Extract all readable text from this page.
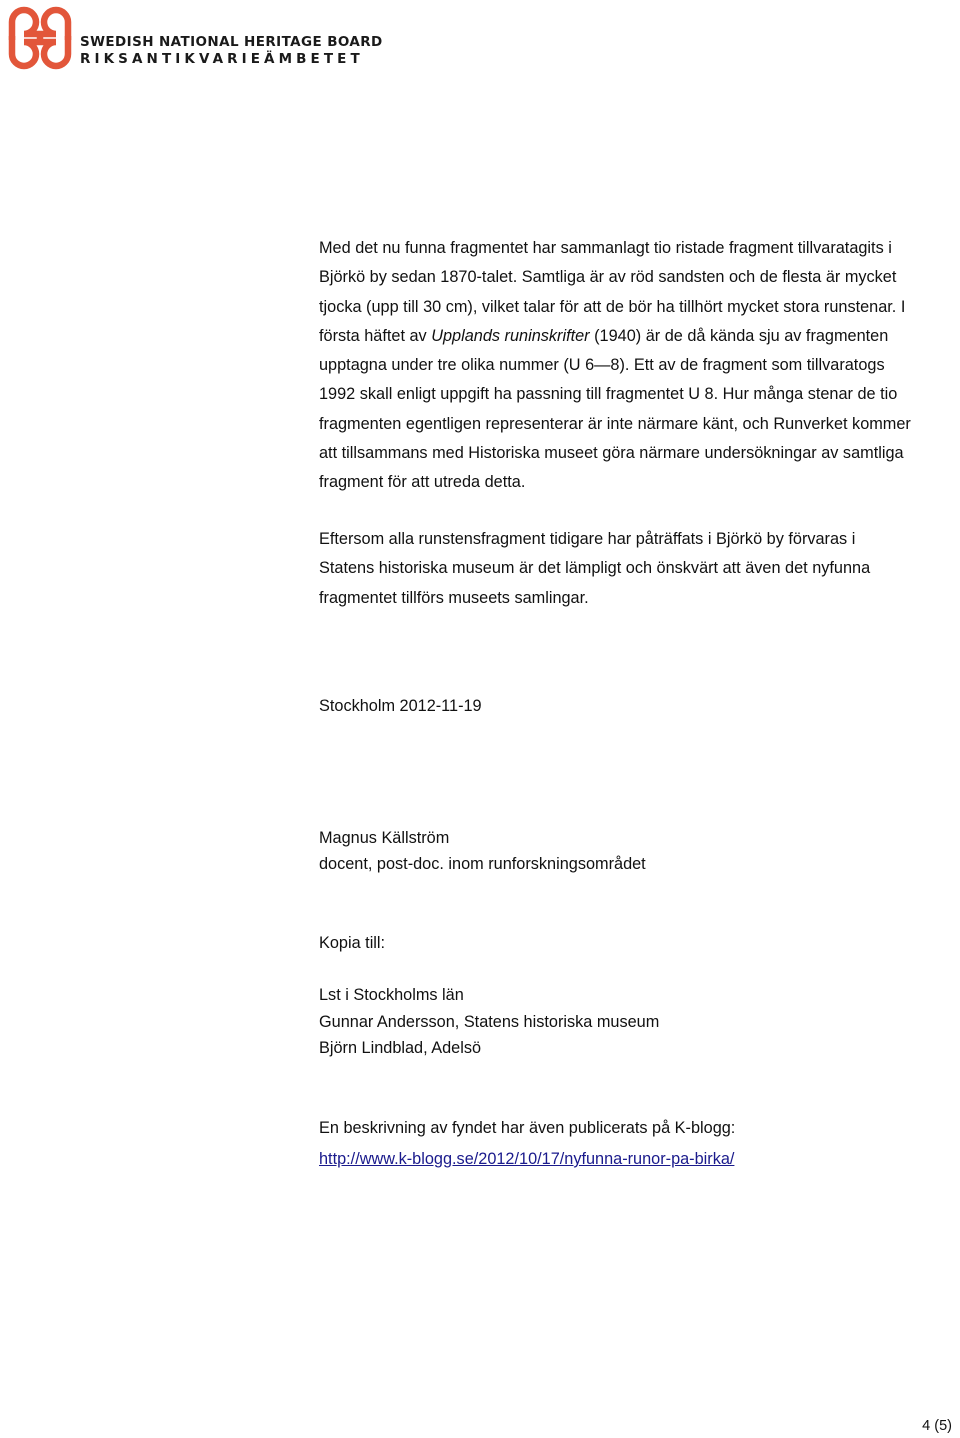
SWEDISH NATIONAL HERITAGE BOARD
RIKSANTIKVARIEÄMBETET
Med det nu funna fragmentet har sammanlagt tio ristade fragment tillvaratagits i
Björkö by sedan 1870-talet. Samtliga är av röd sandsten och de flesta är mycket
tjocka (upp till 30 cm), vilket talar för att de bör ha tillhört mycket stora runstenar. I
första häftet av Upplands runinskrifter (1940) är de då kända sju av fragmenten
upptagna under tre olika nummer (U 6—8). Ett av de fragment som tillvaratogs
1992 skall enligt uppgift ha passning till fragmentet U 8. Hur många stenar de tio
fragmenten egentligen representerar är inte närmare känt, och Runverket kommer
att tillsammans med Historiska museet göra närmare undersökningar av samtliga
fragment för att utreda detta.
Eftersom alla runstensfragment tidigare har påträffats i Björkö by förvaras i
Statens historiska museum är det lämpligt och önskvärt att även det nyfunna
fragmentet tillförs museets samlingar.
Stockholm 2012-11-19
Magnus Källström
docent, post-doc. inom runforskningsområdet
Kopia till:
Lst i Stockholms län
Gunnar Andersson, Statens historiska museum
Björn Lindblad, Adelsö
En beskrivning av fyndet har även publicerats på K-blogg:
http://www.k-blogg.se/2012/10/17/nyfunna-runor-pa-birka/
4 (5)
